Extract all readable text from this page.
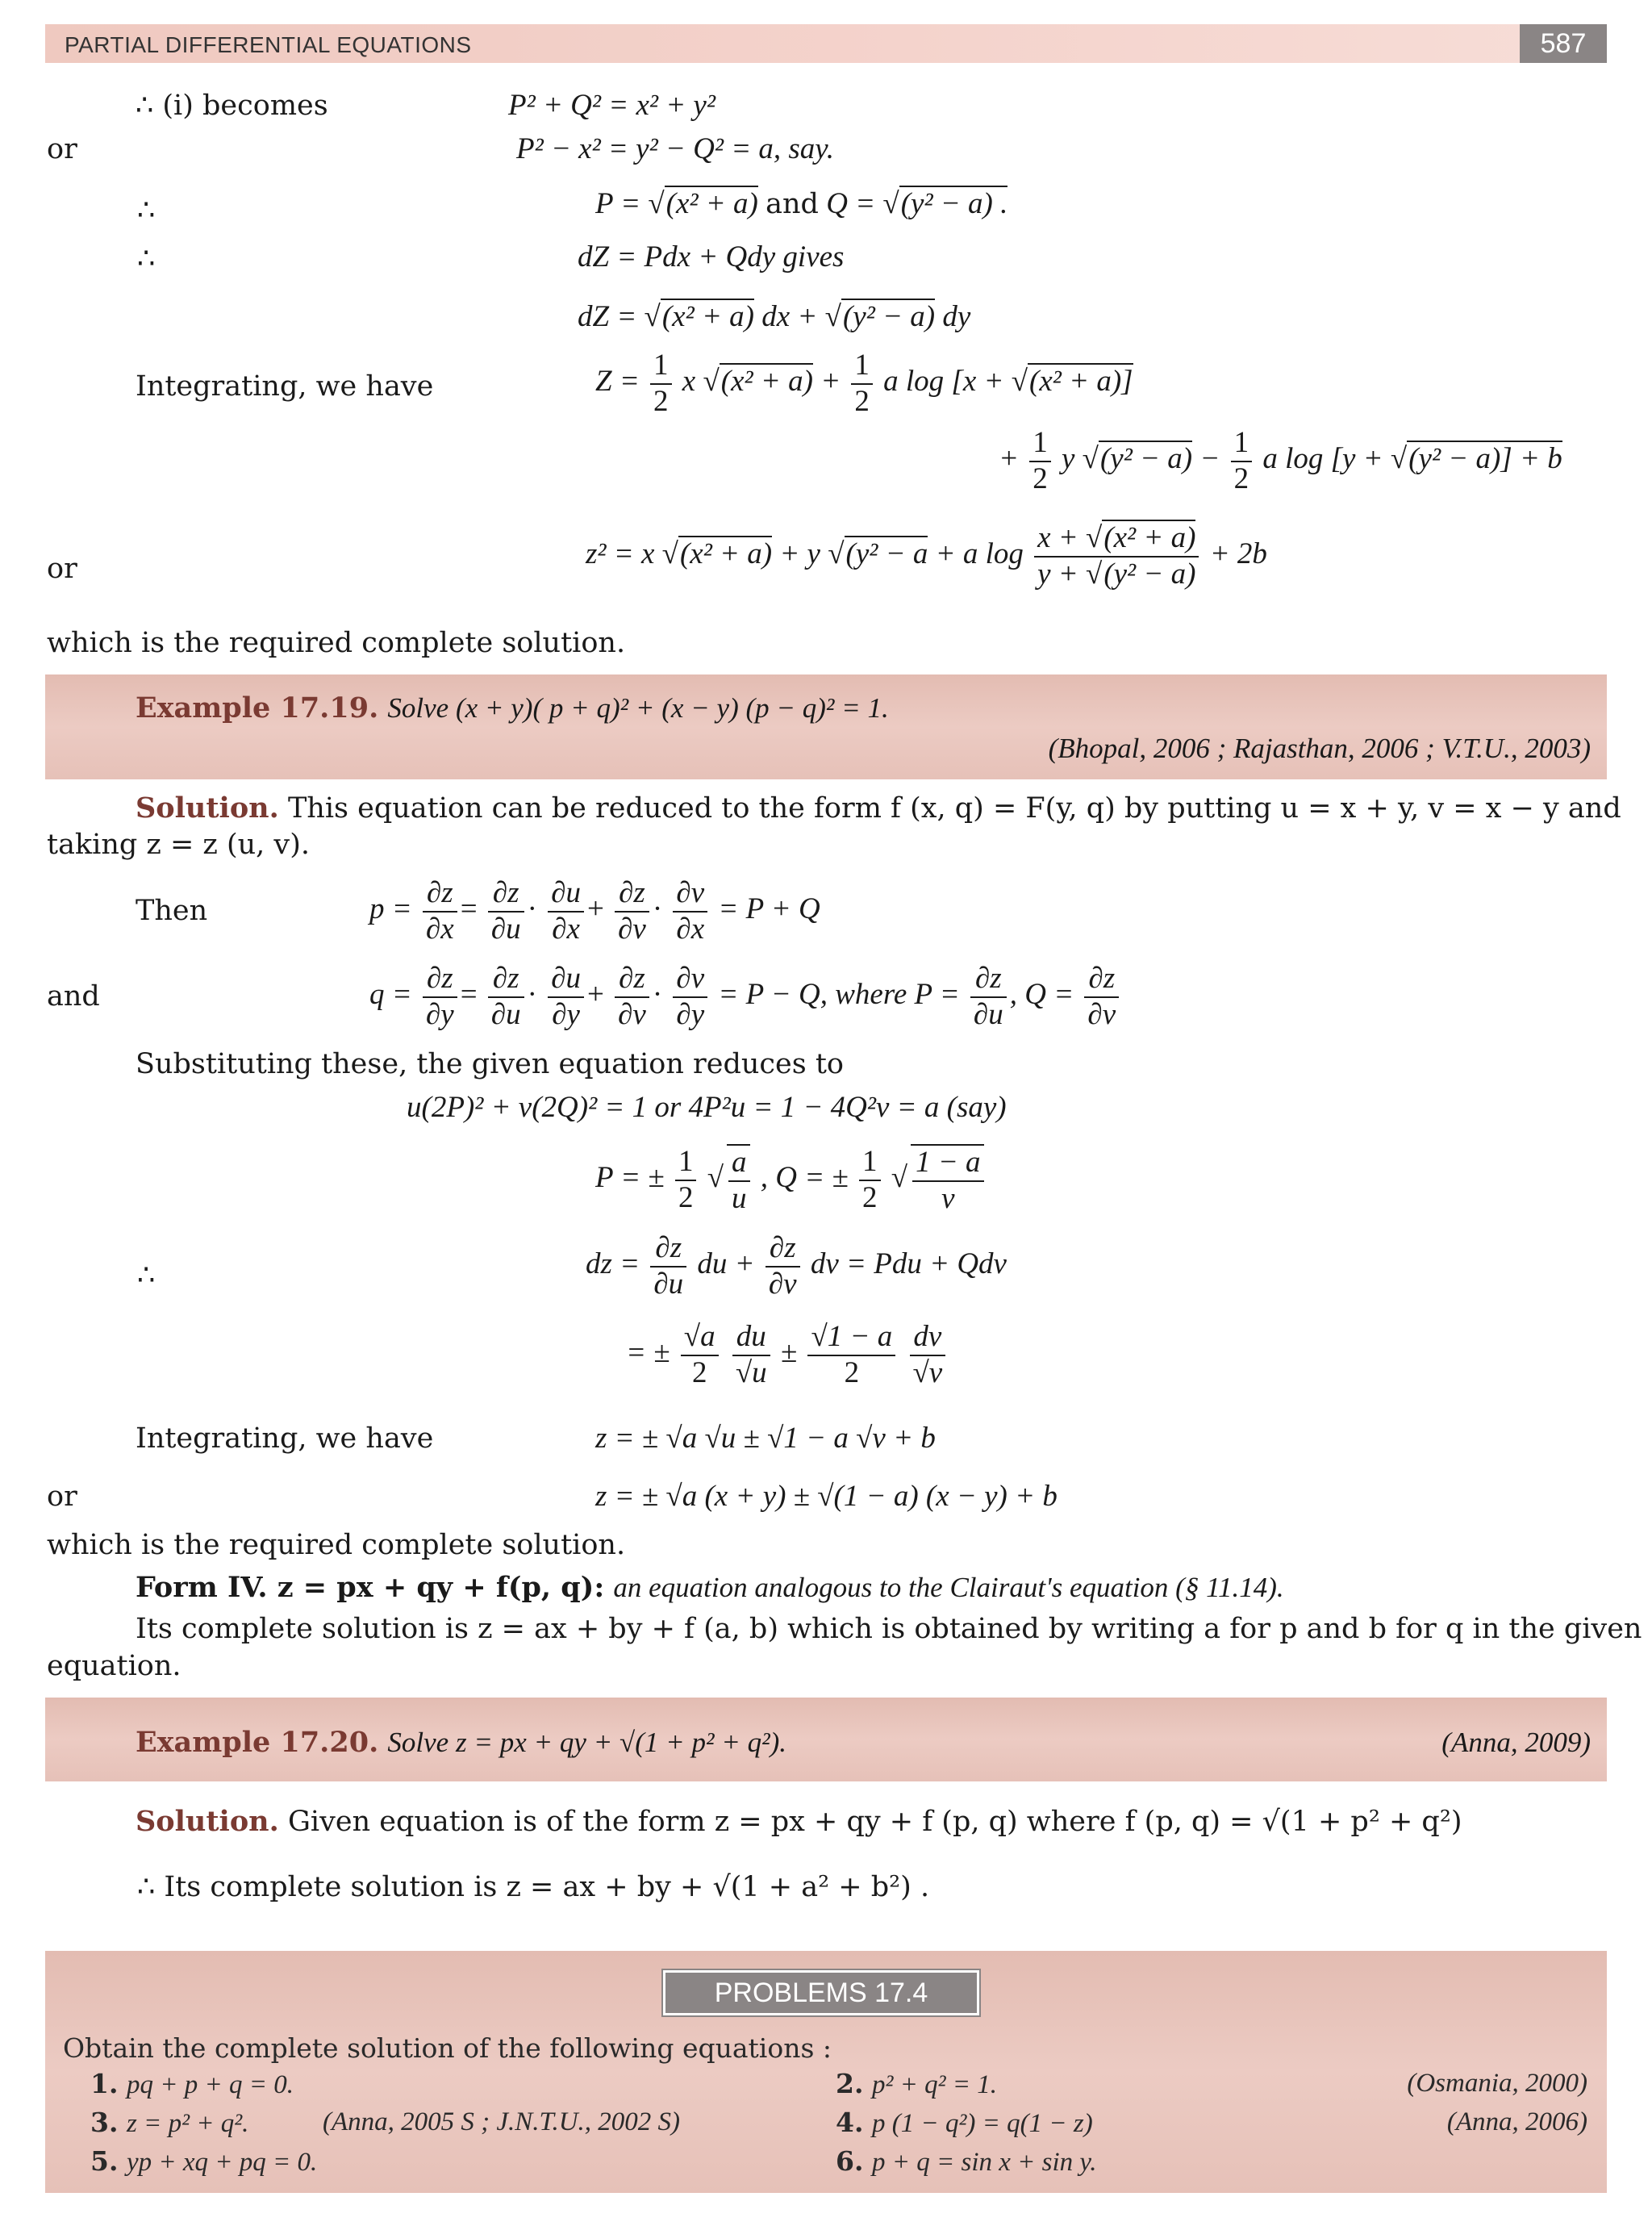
PARTIAL DIFFERENTIAL EQUATIONS	587
∴ (i) becomes	P² + Q² = x² + y²
or	P² − x² = y² − Q² = a, say.
∴	P = √ (x² + a) and Q = √ (y² − a) .
∴	dZ = Pdx + Qdy gives
dZ = √ (x² + a) dx + √ (y² − a) dy
Integrating, we have	$Z = \frac{1}{2}$ x √ $(x^2 + a) + \frac{1}{2}$ a log [x + √ (x² + a)]
+ $\frac{1}{2}$ y √ $(y^2 - a) - \frac{1}{2}$ a log [y + √ (y² − a)] + b
or	z² = x √ (x² + a) + y √ (y² − a + a $\log \frac{\text{x + √ (x² + a)}}{\text{y + √ (y² − a)}} + 2b$
which is the required complete solution.
Example 17.19. Solve (x + y)( p + q)² + (x − y) (p − q)² = 1.
(Bhopal, 2006 ; Rajasthan, 2006 ; V.T.U., 2003)
Solution. This equation can be reduced to the form f (x, q) = F(y, q) by putting u = x + y, v = x − y and
taking z = z (u, v).
Then	$p = \frac{\partial z}{\partial x} = \frac{\partial z}{\partial u} \cdot \frac{\partial u}{\partial x} + \frac{\partial z}{\partial v} \cdot \frac{\partial v}{\partial x} = P + Q$
and	$q = \frac{\partial z}{\partial y} = \frac{\partial z}{\partial u} \cdot \frac{\partial u}{\partial y} + \frac{\partial z}{\partial v} \cdot \frac{\partial v}{\partial y} = P - Q$, where $P = \frac{\partial z}{\partial u}$ , $Q = \frac{\partial z}{\partial v}$
Substituting these, the given equation reduces to
u(2P)² + v(2Q)² = 1 or 4P²u = 1 − 4Q²v = a (say)
P = ± $\frac{1}{2}$ √ $\frac{a}{u}$ , Q = ± $\frac{1}{2}$ √ $\frac{1 - a}{v}$
∴	dz = $\frac{\partial z}{\partial u}$ du + $\frac{\partial z}{\partial v}$ dv = Pdu + Qdv
= ± $\frac{√a}{2}$
$\frac{du}{√u} \pm \frac{√1 - a}{2}$
$\frac{dv}{√v}$
Integrating, we have	z = ± √a √u ± √1 − a √v + b
or	z = ± √a (x + y) ± √(1 − a) (x − y) + b
which is the required complete solution.
Form IV. z = px + qy + f(p, q): an equation analogous to the Clairaut's equation (§ 11.14).
Its complete solution is z = ax + by + f (a, b) which is obtained by writing a for p and b for q in the given
equation.
Example 17.20. Solve z = px + qy + √(1 + p² + q²).	(Anna, 2009)
Solution. Given equation is of the form z = px + qy + f (p, q) where f (p, q) = √(1 + p² + q²)
∴ Its complete solution is z = ax + by + √(1 + a² + b²) .
PROBLEMS 17.4
Obtain the complete solution of the following equations :
1. pq + p + q = 0.	2. p² + q² = 1.	(Osmania, 2000)
3. z = p² + q².	(Anna, 2005 S ; J.N.T.U., 2002 S)	4. p (1 − q²) = q(1 − z)	(Anna, 2006)
5. yp + xq + pq = 0.	6. p + q = sin x + sin y.
